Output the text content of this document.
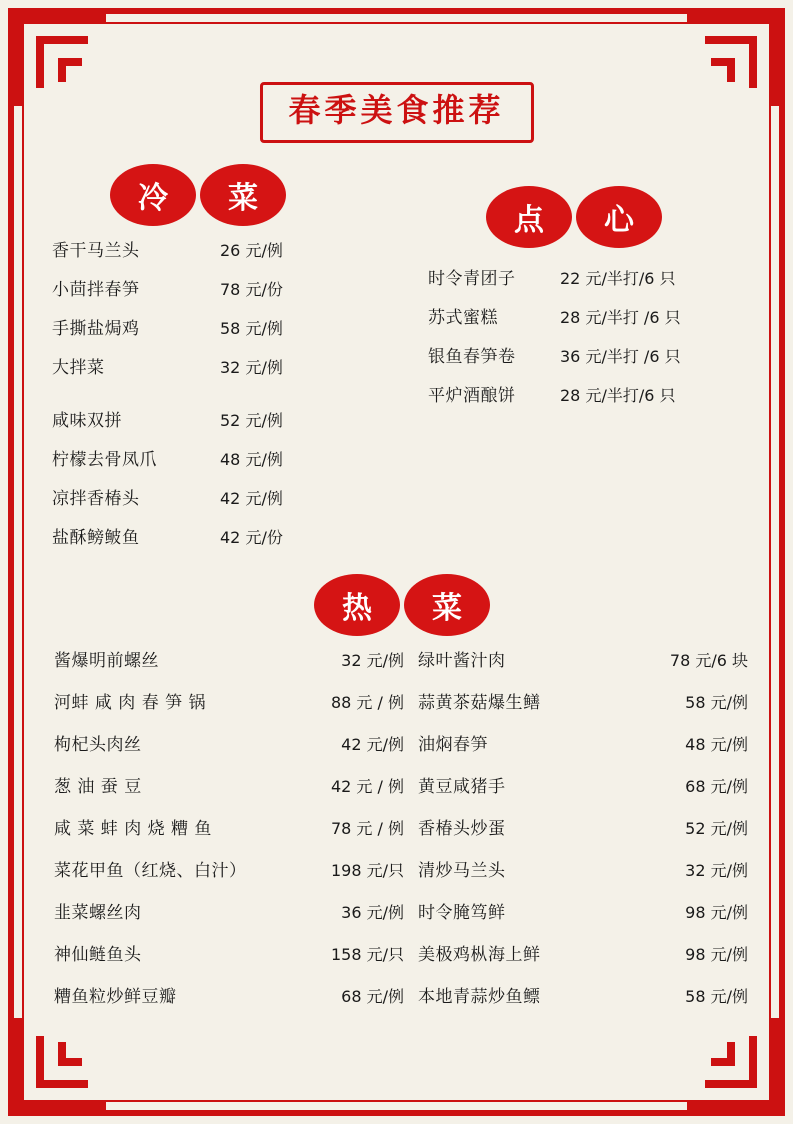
春季美食推荐
冷	菜
香干马兰头	26 元/例
小茴拌春笋	78 元/份
手撕盐焗鸡	58 元/例
大拌菜	32 元/例
咸味双拼	52 元/例
柠檬去骨凤爪	48 元/例
凉拌香椿头	42 元/例
盐酥鳑鲏鱼	42 元/份
点	心
时令青团子	22 元/半打/6 只
苏式蜜糕	28 元/半打 /6 只
银鱼春笋卷	36 元/半打 /6 只
平炉酒酿饼	28 元/半打/6 只
热	菜
酱爆明前螺丝	32 元/例
河蚌 咸 肉 春 笋 锅	88 元 / 例
枸杞头肉丝	42 元/例
葱 油 蚕 豆	42 元 / 例
咸 菜 蚌 肉 烧 糟 鱼	78 元 / 例
菜花甲鱼（红烧、白汁）	198 元/只
韭菜螺丝肉	36 元/例
神仙鲢鱼头	158 元/只
糟鱼粒炒鲜豆瓣	68 元/例
绿叶酱汁肉	78 元/6 块
蒜黄茶菇爆生鳝	58 元/例
油焖春笋	48 元/例
黄豆咸猪手	68 元/例
香椿头炒蛋	52 元/例
清炒马兰头	32 元/例
时令腌笃鲜	98 元/例
美极鸡枞海上鲜	98 元/例
本地青蒜炒鱼鳔	58 元/例
